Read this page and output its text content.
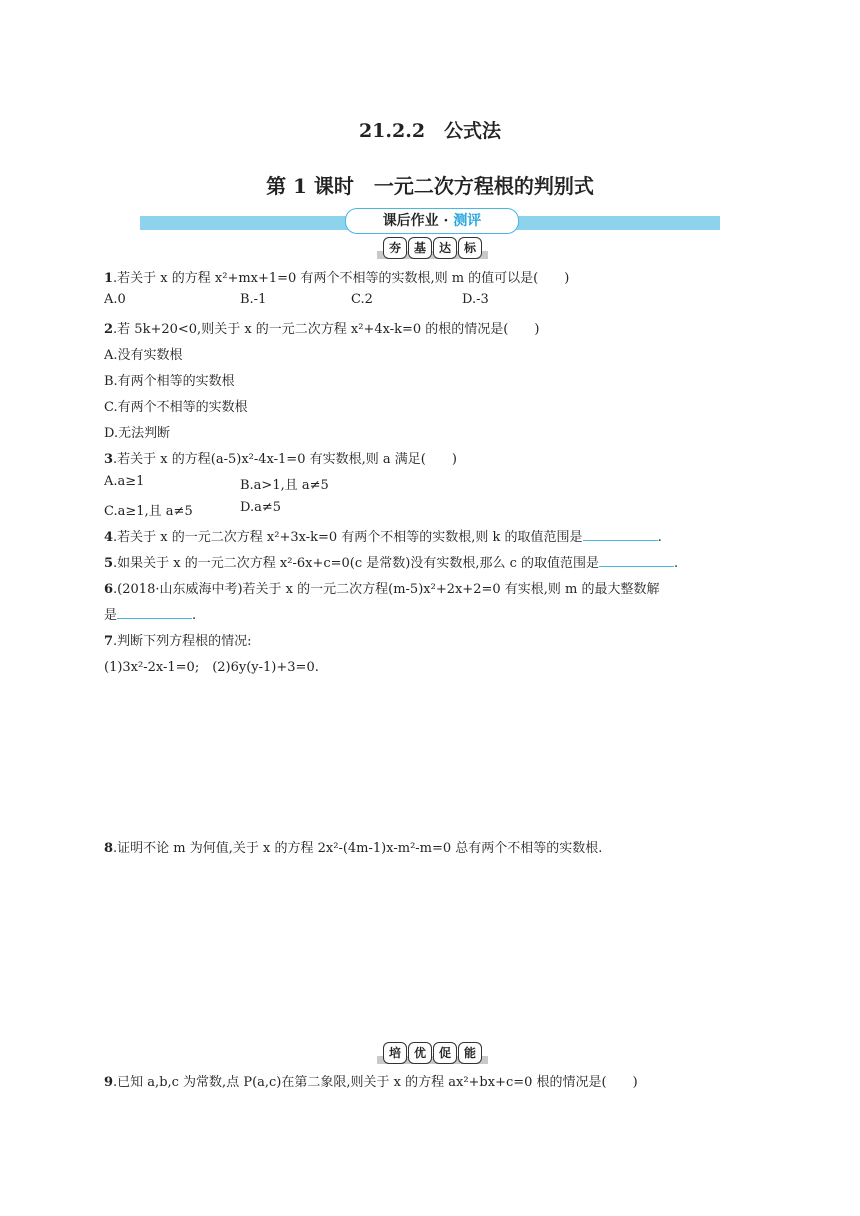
21.2.2　公式法
第 1 课时　一元二次方程根的判别式
课后作业 · 测评
夯	基	达	标
1.若关于 x 的方程 x²+mx+1=0 有两个不相等的实数根,则 m 的值可以是(　　)
A.0	B.-1	C.2	D.-3
2.若 5k+20<0,则关于 x 的一元二次方程 x²+4x-k=0 的根的情况是(　　)
A.没有实数根
B.有两个相等的实数根
C.有两个不相等的实数根
D.无法判断
3.若关于 x 的方程(a-5)x²-4x-1=0 有实数根,则 a 满足(　　)
A.a≥1	B.a>1,且 a≠5
C.a≥1,且 a≠5	D.a≠5
4.若关于 x 的一元二次方程 x²+3x-k=0 有两个不相等的实数根,则 k 的取值范围是	.
5.如果关于 x 的一元二次方程 x²-6x+c=0(c 是常数)没有实数根,那么 c 的取值范围是	.
6.(2018·山东威海中考)若关于 x 的一元二次方程(m-5)x²+2x+2=0 有实根,则 m 的最大整数解
是	.
7.判断下列方程根的情况:
(1)3x²-2x-1=0;　(2)6y(y-1)+3=0.
8.证明不论 m 为何值,关于 x 的方程 2x²-(4m-1)x-m²-m=0 总有两个不相等的实数根.
培	优	促	能
9.已知 a,b,c 为常数,点 P(a,c)在第二象限,则关于 x 的方程 ax²+bx+c=0 根的情况是(　　)
